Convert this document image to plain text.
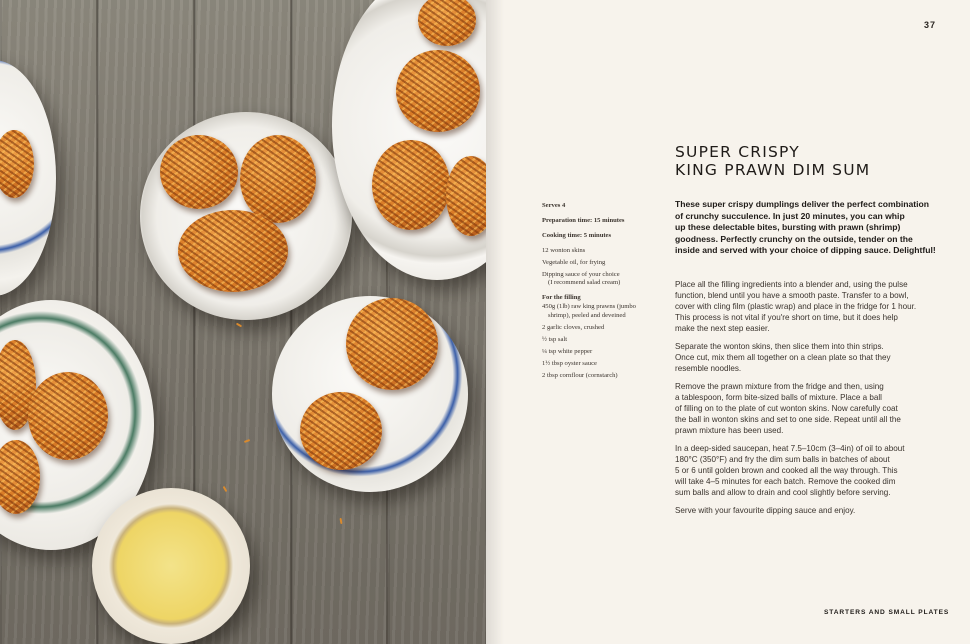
37
SUPER CRISPY
KING PRAWN DIM SUM
Serves 4
Preparation time: 15 minutes
Cooking time: 5 minutes
12 wonton skins
Vegetable oil, for frying
Dipping sauce of your choice
(I recommend salad cream)
For the filling
450g (1lb) raw king prawns (jumbo
shrimp), peeled and deveined
2 garlic cloves, crushed
½ tsp salt
¼ tsp white pepper
1½ tbsp oyster sauce
2 tbsp cornflour (cornstarch)
These super crispy dumplings deliver the perfect combination
of crunchy succulence. In just 20 minutes, you can whip
up these delectable bites, bursting with prawn (shrimp)
goodness. Perfectly crunchy on the outside, tender on the
inside and served with your choice of dipping sauce. Delightful!
Place all the filling ingredients into a blender and, using the pulse
function, blend until you have a smooth paste. Transfer to a bowl,
cover with cling film (plastic wrap) and place in the fridge for 1 hour.
This process is not vital if you're short on time, but it does help
make the next step easier.
Separate the wonton skins, then slice them into thin strips.
Once cut, mix them all together on a clean plate so that they
resemble noodles.
Remove the prawn mixture from the fridge and then, using
a tablespoon, form bite-sized balls of mixture. Place a ball
of filling on to the plate of cut wonton skins. Now carefully coat
the ball in wonton skins and set to one side. Repeat until all the
prawn mixture has been used.
In a deep-sided saucepan, heat 7.5–10cm (3–4in) of oil to about
180°C (350°F) and fry the dim sum balls in batches of about
5 or 6 until golden brown and cooked all the way through. This
will take 4–5 minutes for each batch. Remove the cooked dim
sum balls and allow to drain and cool slightly before serving.
Serve with your favourite dipping sauce and enjoy.
STARTERS AND SMALL PLATES
